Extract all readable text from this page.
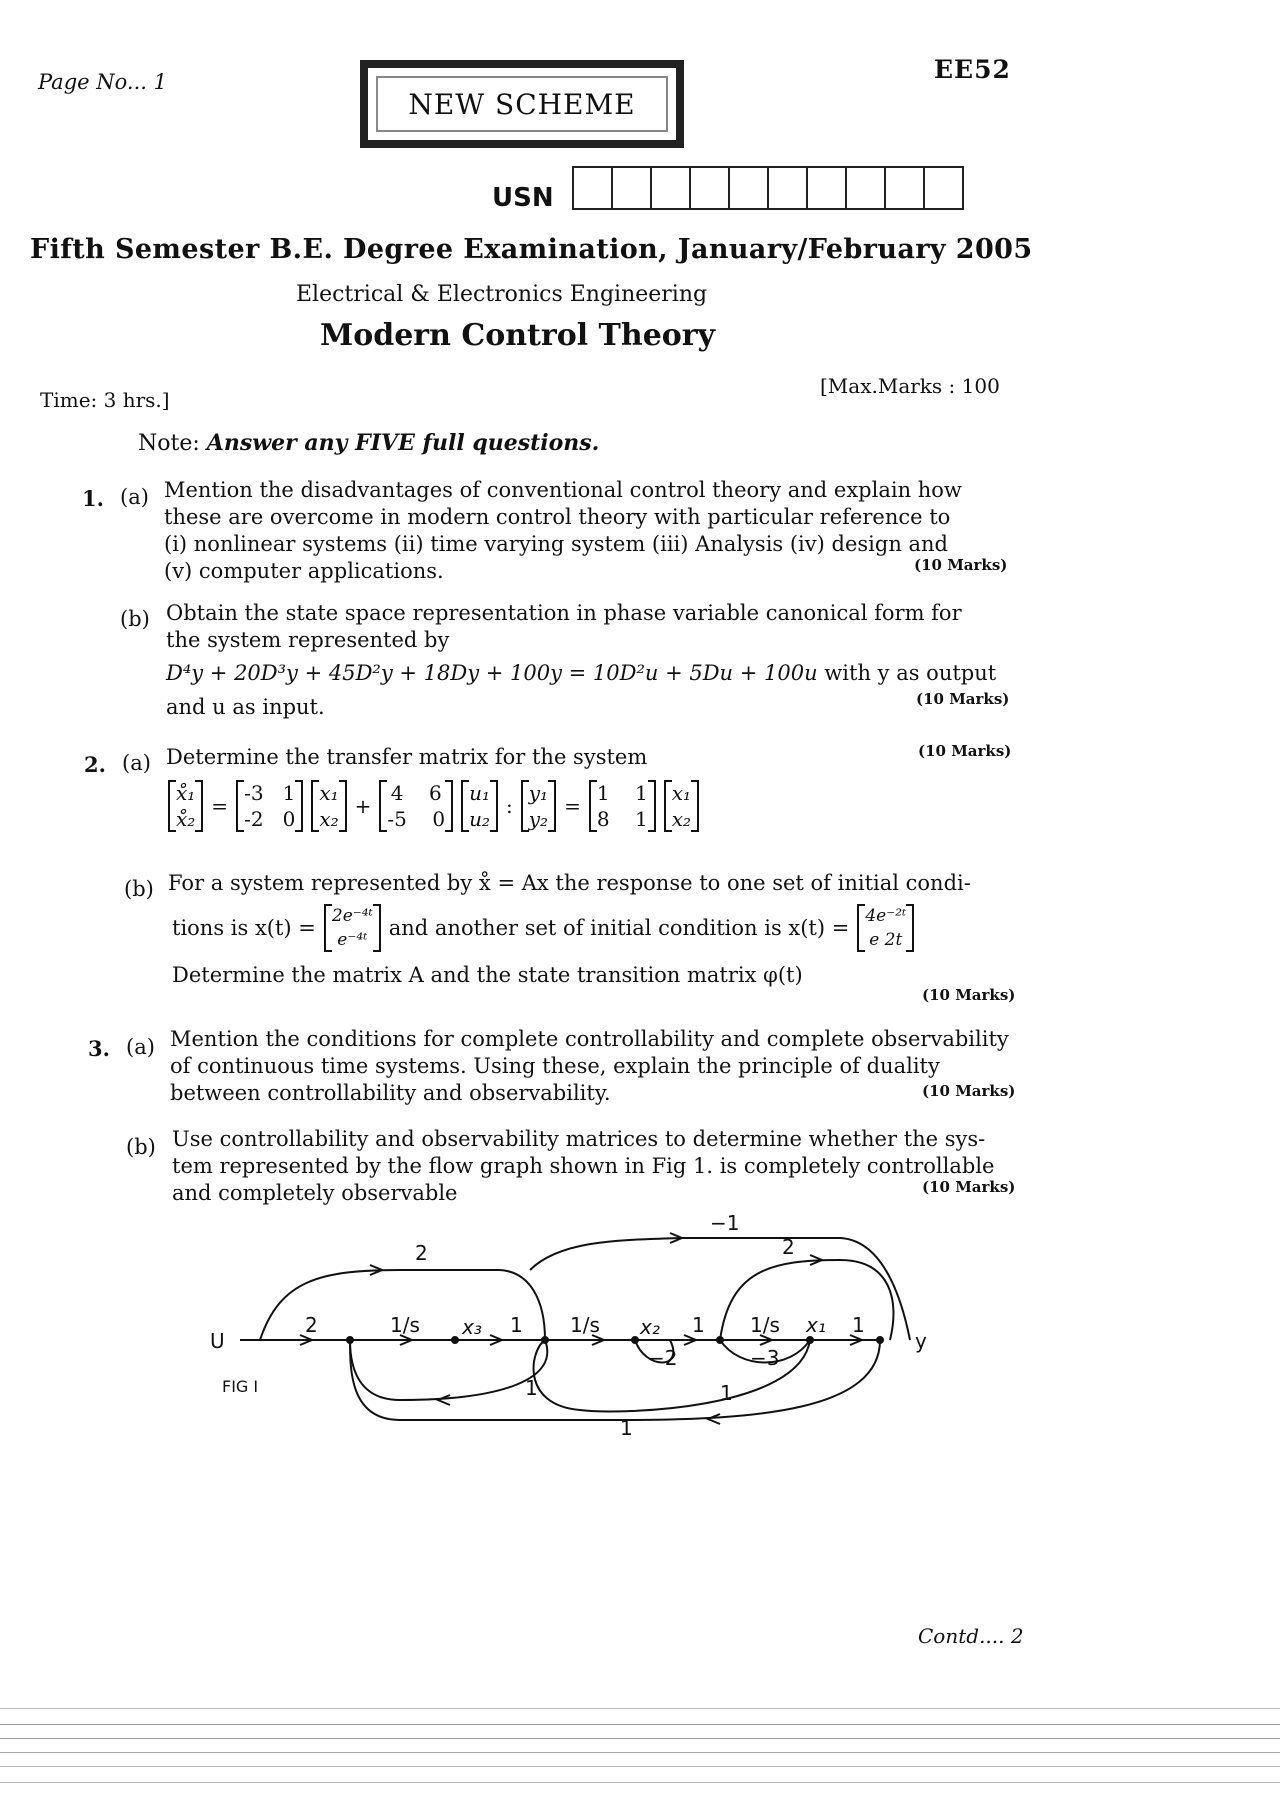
Page No... 1	EE52
NEW SCHEME
USN
Fifth Semester B.E. Degree Examination, January/February 2005
Electrical & Electronics Engineering
Modern Control Theory
Time: 3 hrs.]
[Max.Marks : 100
Note: Answer any FIVE full questions.
1. (a) Mention the disadvantages of conventional control theory and explain how
these are overcome in modern control theory with particular reference to
(i) nonlinear systems (ii) time varying system (iii) Analysis (iv) design and
(v) computer applications.	(10 Marks)
(b) Obtain the state space representation in phase variable canonical form for
the system represented by
D⁴y + 20D³y + 45D²y + 18Dy + 100y = 10D²u + 5Du + 100u with y as output
and u as input.	(10 Marks)
2. (a) Determine the transfer matrix for the system	(10 Marks)
x̊₁
x̊₂
=
-3 1
-2 0
x₁
x₂
+
4 6
-5 0
u₁
u₂
:
y₁
y₂
=
1 1
8 1
x₁
x₂
(b) For a system represented by x̊ = Ax the response to one set of initial condi-
tions is x(t) = 2e⁻⁴ᵗ
e⁻⁴ᵗ
and another set of initial condition is x(t) = 4e⁻²ᵗ
e 2t
Determine the matrix A and the state transition matrix φ(t)
(10 Marks)
3. (a) Mention the conditions for complete controllability and complete observability
of continuous time systems. Using these, explain the principle of duality
between controllability and observability.	(10 Marks)
(b) Use controllability and observability matrices to determine whether the sys-
tem represented by the flow graph shown in Fig 1. is completely controllable
and completely observable	(10 Marks)
U	y
FIG I
2
−1
2
2	1/s x₃ 1 1/s x₂ 1 1/s x₁ 1
−2	−3
1	1
1
Contd.... 2
